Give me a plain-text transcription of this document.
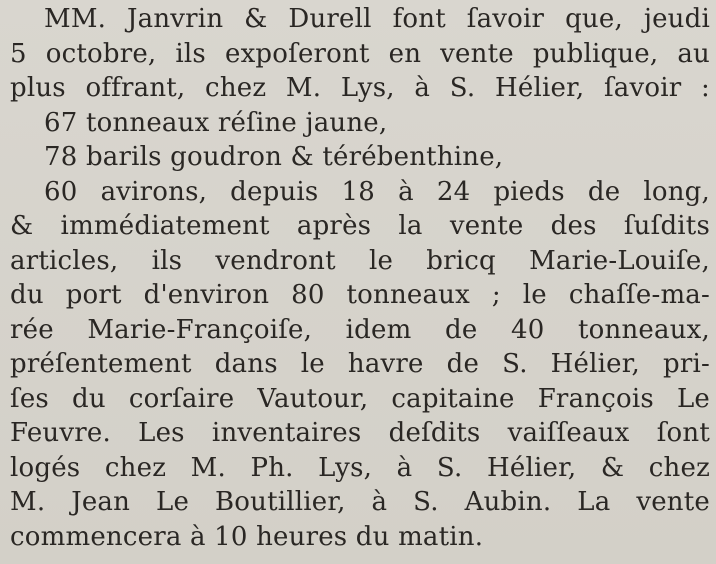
MM. Janvrin & Durell font ſavoir que, jeudi
5 octobre, ils expoſeront en vente publique, au
plus offrant, chez M. Lys, à S. Hélier, ſavoir :
67 tonneaux réſine jaune,
78 barils goudron & térébenthine,
60 avirons, depuis 18 à 24 pieds de long,
& immédiatement après la vente des ſuſdits
articles, ils vendront le bricq Marie-Louiſe,
du port d'environ 80 tonneaux ; le chaſſe-ma-
rée Marie-Françoiſe, idem de 40 tonneaux,
préſentement dans le havre de S. Hélier, pri-
ſes du corſaire Vautour, capitaine François Le
Feuvre. Les inventaires deſdits vaiſſeaux ſont
logés chez M. Ph. Lys, à S. Hélier, & chez
M. Jean Le Boutillier, à S. Aubin. La vente
commencera à 10 heures du matin.
